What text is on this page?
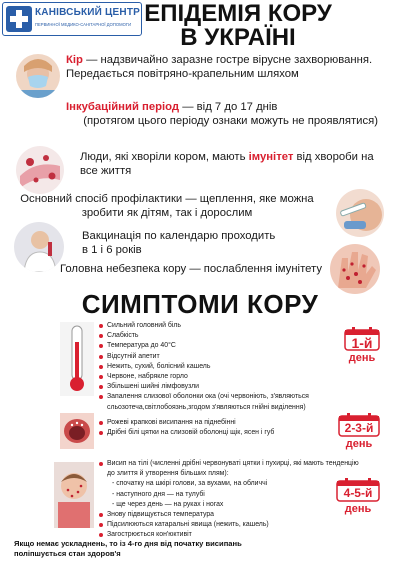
КАНІВСЬКИЙ ЦЕНТР
ПЕРВИННОЇ МЕДИКО-САНІТАРНОЇ ДОПОМОГИ ЕПІДЕМІЯ КОРУ
В УКРАЇНІ
Кір — надзвичайно заразне гостре вірусне захворювання. Передається повітряно-крапельним шляхом
Інкубаційний період — від 7 до 17 днів
(протягом цього періоду ознаки можуть не проявлятися)
Люди, які хворіли кором, мають імунітет від хвороби на все життя
Основний спосіб профілактики — щеплення, яке можна зробити як дітям, так і дорослим
Вакцинація по календарю проходить в 1 і 6 років
Головна небезпека кору — послаблення імунітету
СИМПТОМИ КОРУ
Сильний головний біль
Слабкість
Температура до 40°C
Відсутній апетит
Нежить, сухий, болісний кашель
Червоне, набрякле горло
Збільшені шийні лімфовузли
Запалення слизової оболонки ока (очі червоніють, з'являються сльозотеча,світлобоязнь,згодом з'являються гнійні виділення)
1-й
день
Рожеві крапкові висипання на піднебінні
Дрібні білі цятки на слизовій оболонці щік, ясен і губ	2-3-й
день
Висип на тілі (численні дрібні червонуваті цятки і пухирці, які мають тенденцію до злиття й утворення більших плям):
- спочатку на шкірі голови, за вухами, на обличчі
- наступного дня — на тулубі
- ще через день — на руках і ногах
Знову підвищується температура
Підсилюються катаральні явища (нежить, кашель)
Загострюється кон'юктивіт
4-5-й
день
Якщо немає ускладнень, то із 4-го дня від початку висипань поліпшується стан здоров'я
